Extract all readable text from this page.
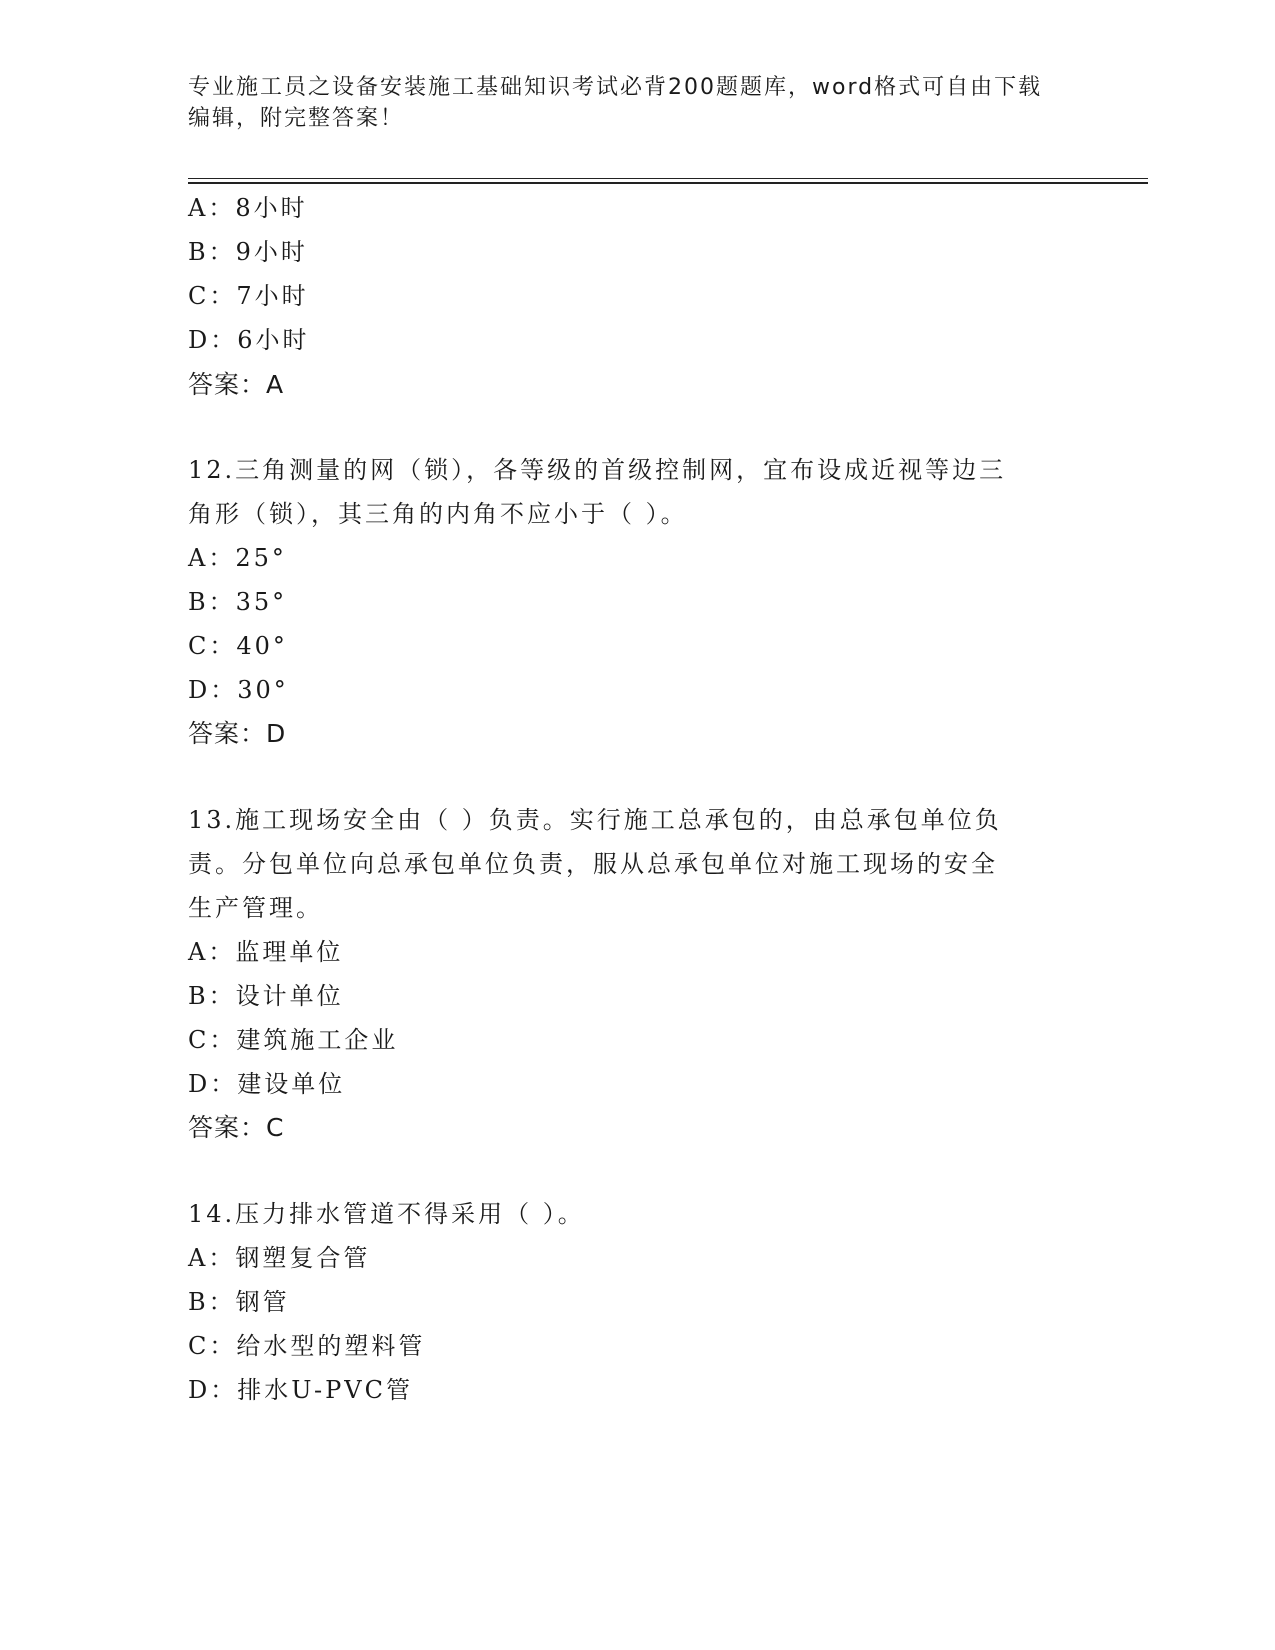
专业施工员之设备安装施工基础知识考试必背200题题库，word格式可自由下载
编辑，附完整答案！
A：8小时
B：9小时
C：7小时
D：6小时
答案：A
12.三角测量的网（锁），各等级的首级控制网，宜布设成近视等边三
角形（锁），其三角的内角不应小于（ ）。
A：25°
B：35°
C：40°
D：30°
答案：D
13.施工现场安全由（ ）负责。实行施工总承包的，由总承包单位负
责。分包单位向总承包单位负责，服从总承包单位对施工现场的安全
生产管理。
A：监理单位
B：设计单位
C：建筑施工企业
D：建设单位
答案：C
14.压力排水管道不得采用（ ）。
A：钢塑复合管
B：钢管
C：给水型的塑料管
D：排水U-PVC管
